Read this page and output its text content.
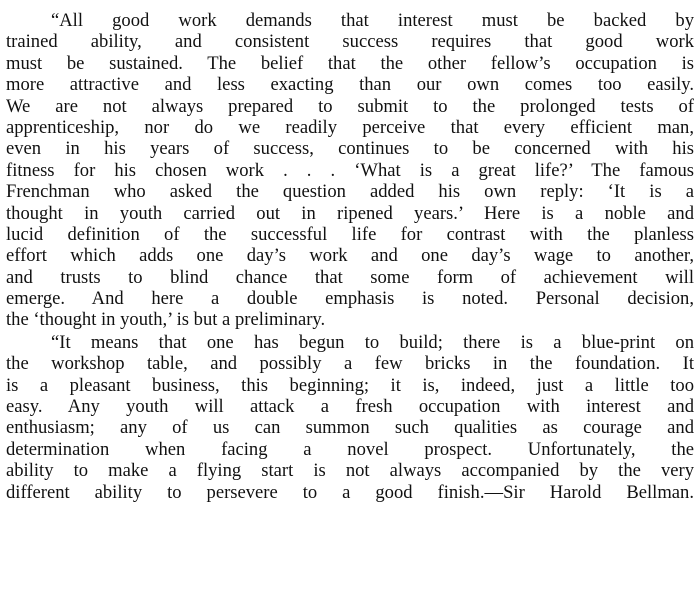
“All good work demands that interest must be backed by
trained ability, and consistent success requires that good work
must be sustained. The belief that the other fellow’s occupation is
more attractive and less exacting than our own comes too easily.
We are not always prepared to submit to the prolonged tests of
apprenticeship, nor do we readily perceive that every efficient man,
even in his years of success, continues to be concerned with his
fitness for his chosen work . . . ‘What is a great life?’ The famous
Frenchman who asked the question added his own reply: ‘It is a
thought in youth carried out in ripened years.’ Here is a noble and
lucid definition of the successful life for contrast with the planless
effort which adds one day’s work and one day’s wage to another,
and trusts to blind chance that some form of achievement will
emerge. And here a double emphasis is noted. Personal decision,
the ‘thought in youth,’ is but a preliminary.
“It means that one has begun to build; there is a blue-print on
the workshop table, and possibly a few bricks in the foundation. It
is a pleasant business, this beginning; it is, indeed, just a little too
easy. Any youth will attack a fresh occupation with interest and
enthusiasm; any of us can summon such qualities as courage and
determination when facing a novel prospect. Unfortunately, the
ability to make a flying start is not always accompanied by the very
different ability to persevere to a good finish.—Sir Harold Bellman.
